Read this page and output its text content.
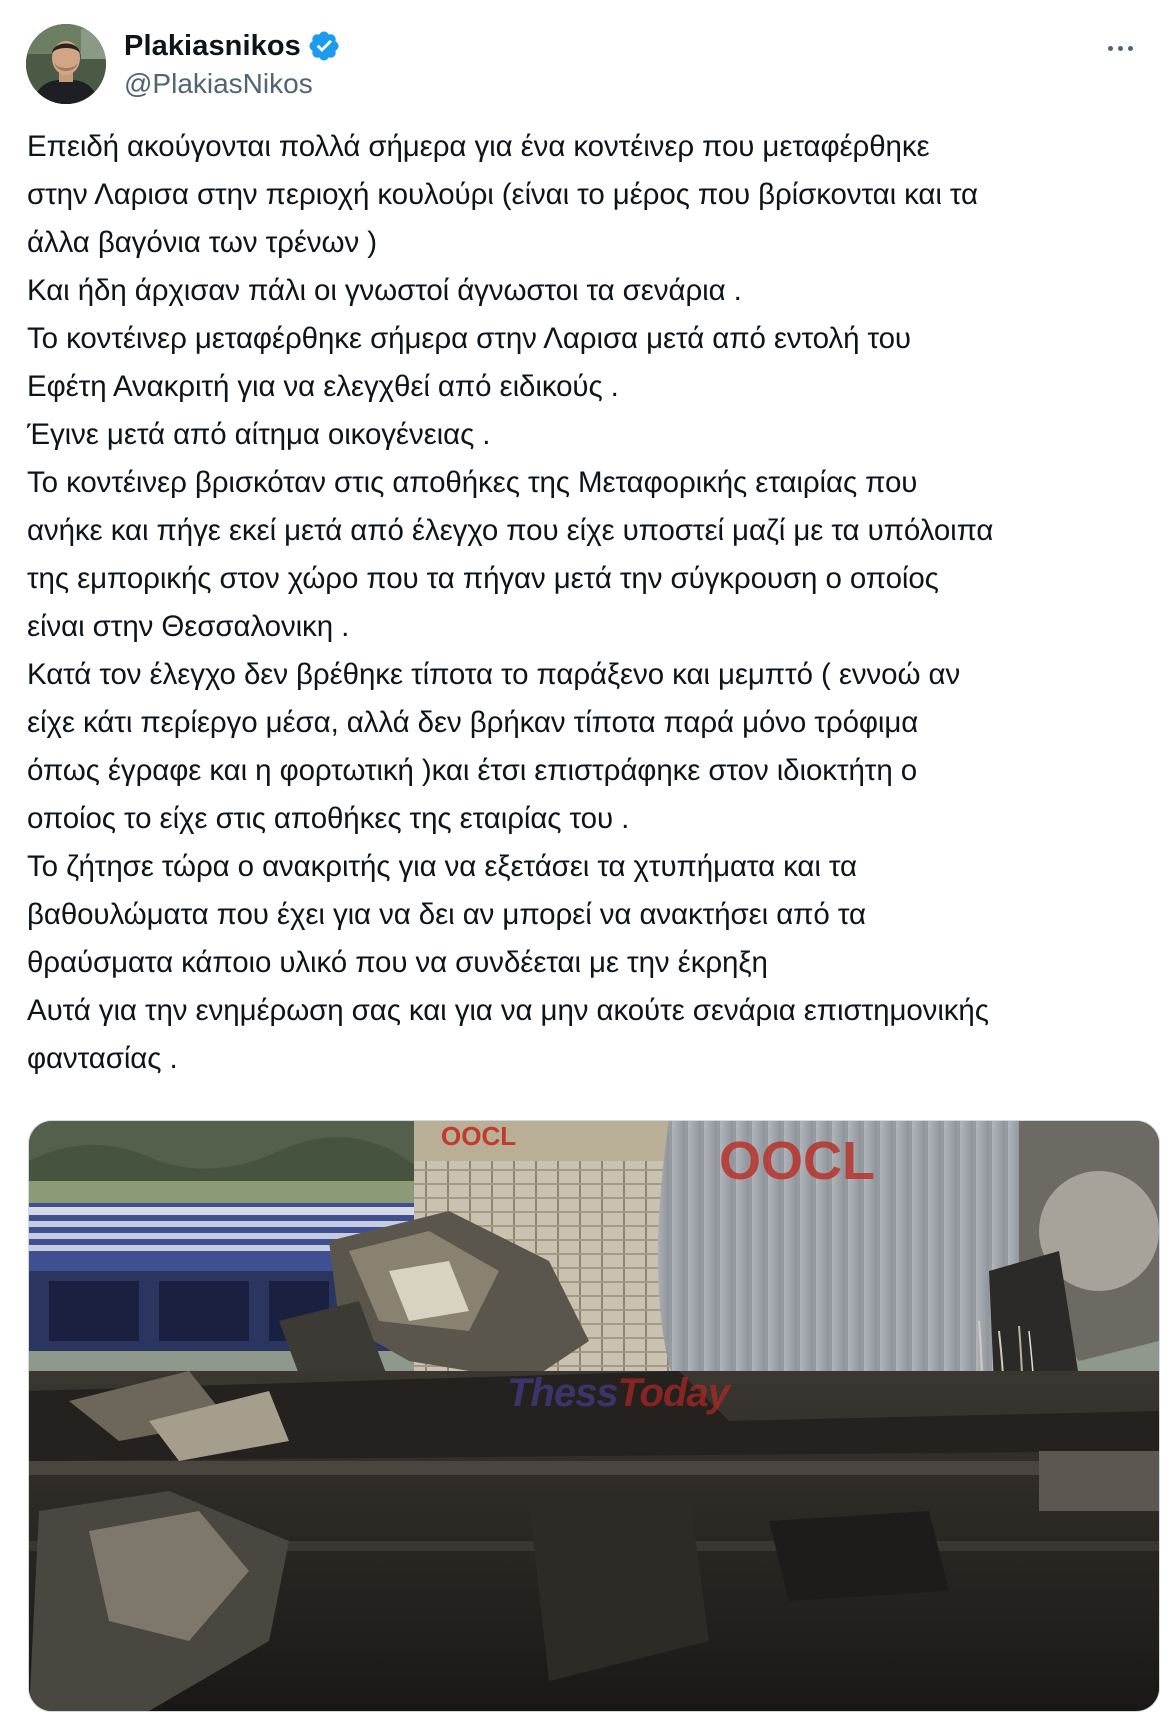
Plakiasnikos
@PlakiasNikos
Επειδή ακούγονται πολλά σήμερα για ένα κοντέινερ που μεταφέρθηκε
στην Λαρισα στην περιοχή κουλούρι (είναι το μέρος που βρίσκονται και τα
άλλα βαγόνια των τρένων )
Και ήδη άρχισαν πάλι οι γνωστοί άγνωστοι τα σενάρια .
Το κοντέινερ μεταφέρθηκε σήμερα στην Λαρισα μετά από εντολή του
Εφέτη Ανακριτή για να ελεγχθεί από ειδικούς .
Έγινε μετά από αίτημα οικογένειας .
Το κοντέινερ βρισκόταν στις αποθήκες της Μεταφορικής εταιρίας που
ανήκε και πήγε εκεί μετά από έλεγχο που είχε υποστεί μαζί με τα υπόλοιπα
της εμπορικής στον χώρο που τα πήγαν μετά την σύγκρουση ο οποίος
είναι στην Θεσσαλονικη .
Κατά τον έλεγχο δεν βρέθηκε τίποτα το παράξενο και μεμπτό ( εννοώ αν
είχε κάτι περίεργο μέσα, αλλά δεν βρήκαν τίποτα παρά μόνο τρόφιμα
όπως έγραφε και η φορτωτική )και έτσι επιστράφηκε στον ιδιοκτήτη ο
οποίος το είχε στις αποθήκες της εταιρίας του .
Το ζήτησε τώρα ο ανακριτής για να εξετάσει τα χτυπήματα και τα
βαθουλώματα που έχει για να δει αν μπορεί να ανακτήσει από τα
θραύσματα κάποιο υλικό που να συνδέεται με την έκρηξη
Αυτά για την ενημέρωση σας και για να μην ακούτε σενάρια επιστημονικής
φαντασίας .
OOCL	OOCL
ThessToday
